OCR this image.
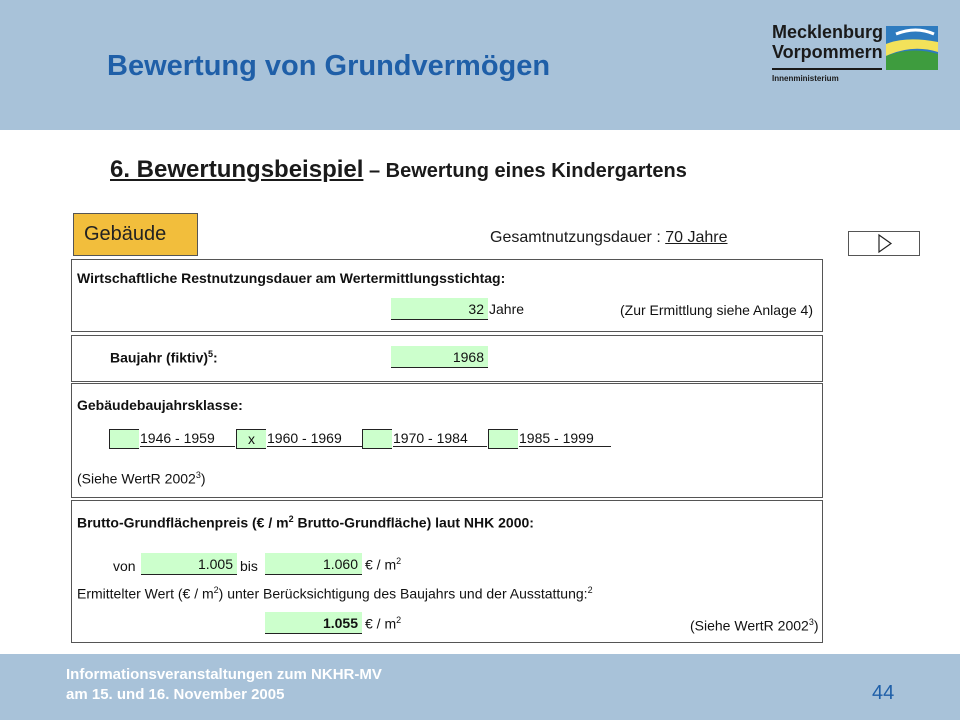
Bewertung von Grundvermögen
Mecklenburg
Vorpommern
Innenministerium
6. Bewertungsbeispiel – Bewertung eines Kindergartens
Gebäude	Gesamtnutzungsdauer : 70 Jahre
Wirtschaftliche Restnutzungsdauer am Wertermittlungsstichtag:
32 Jahre	(Zur Ermittlung siehe Anlage 4)
Baujahr (fiktiv)$^5$:	1968
Gebäudebaujahrsklasse:
1946 - 1959	x 1960 - 1969	1970 - 1984	1985 - 1999
(Siehe WertR 2002$^3$)
Brutto-Grundflächenpreis (€ / $m^2$ Brutto-Grundfläche) laut NHK 2000:
von	1.005 bis	1.060 € / $m^2$
Ermittelter Wert (€ / $m^2$) unter Berücksichtigung des Baujahrs und der Ausstattung:$^2$
1.055 € / $m^2$	(Siehe WertR 2002$^3$)
Informationsveranstaltungen zum NKHR-MV
am 15. und 16. November 2005	44
